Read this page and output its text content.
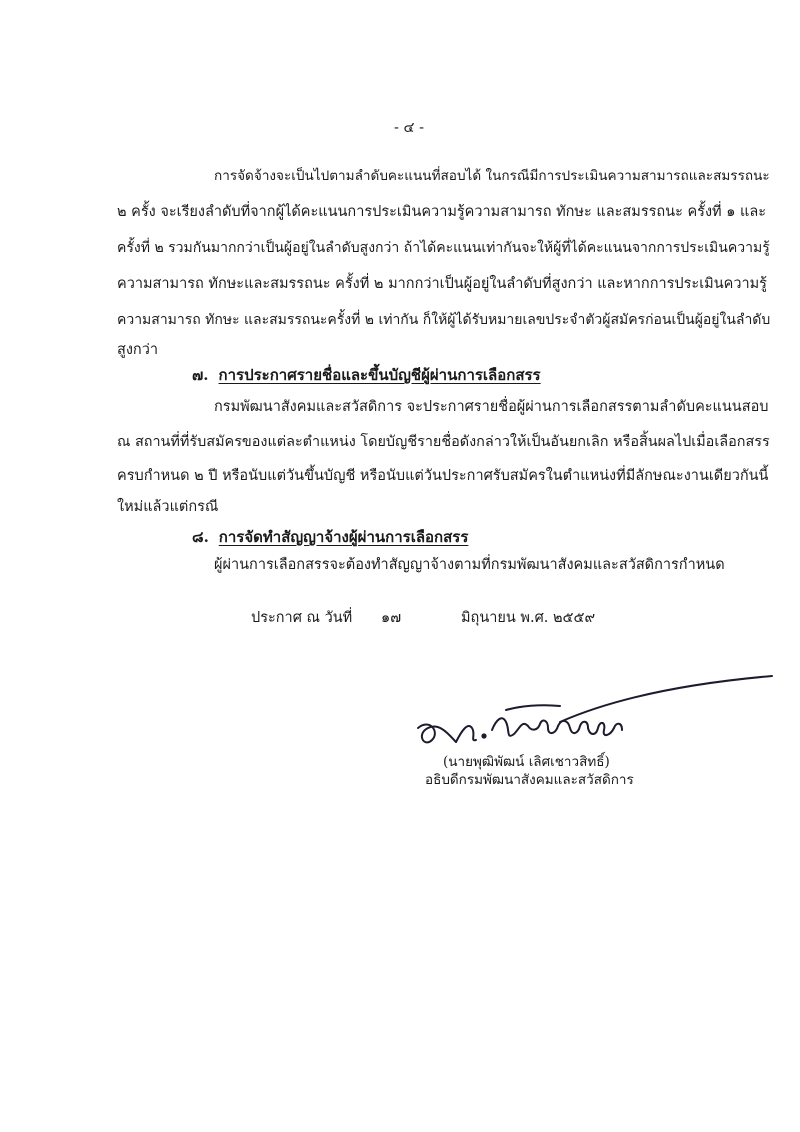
- ๔ -
การจัดจ้างจะเป็นไปตามลำดับคะแนนที่สอบได้ ในกรณีมีการประเมินความสามารถและสมรรถนะ
๒ ครั้ง จะเรียงลำดับที่จากผู้ได้คะแนนการประเมินความรู้ความสามารถ ทักษะ และสมรรถนะ ครั้งที่ ๑ และ
ครั้งที่ ๒ รวมกันมากกว่าเป็นผู้อยู่ในลำดับสูงกว่า ถ้าได้คะแนนเท่ากันจะให้ผู้ที่ได้คะแนนจากการประเมินความรู้
ความสามารถ ทักษะและสมรรถนะ ครั้งที่ ๒ มากกว่าเป็นผู้อยู่ในลำดับที่สูงกว่า และหากการประเมินความรู้
ความสามารถ ทักษะ และสมรรถนะครั้งที่ ๒ เท่ากัน ก็ให้ผู้ได้รับหมายเลขประจำตัวผู้สมัครก่อนเป็นผู้อยู่ในลำดับ
สูงกว่า
๗. การประกาศรายชื่อและขึ้นบัญชีผู้ผ่านการเลือกสรร
กรมพัฒนาสังคมและสวัสดิการ จะประกาศรายชื่อผู้ผ่านการเลือกสรรตามลำดับคะแนนสอบ
ณ สถานที่ที่รับสมัครของแต่ละตำแหน่ง โดยบัญชีรายชื่อดังกล่าวให้เป็นอันยกเลิก หรือสิ้นผลไปเมื่อเลือกสรร
ครบกำหนด ๒ ปี หรือนับแต่วันขึ้นบัญชี หรือนับแต่วันประกาศรับสมัครในตำแหน่งที่มีลักษณะงานเดียวกันนี้
ใหม่แล้วแต่กรณี
๘. การจัดทำสัญญาจ้างผู้ผ่านการเลือกสรร
ผู้ผ่านการเลือกสรรจะต้องทำสัญญาจ้างตามที่กรมพัฒนาสังคมและสวัสดิการกำหนด
ประกาศ ณ วันที่ ๑๗	มิถุนายน พ.ศ. ๒๕๕๙
(นายพุฒิพัฒน์ เลิศเชาวสิทธิ์)
อธิบดีกรมพัฒนาสังคมและสวัสดิการ
